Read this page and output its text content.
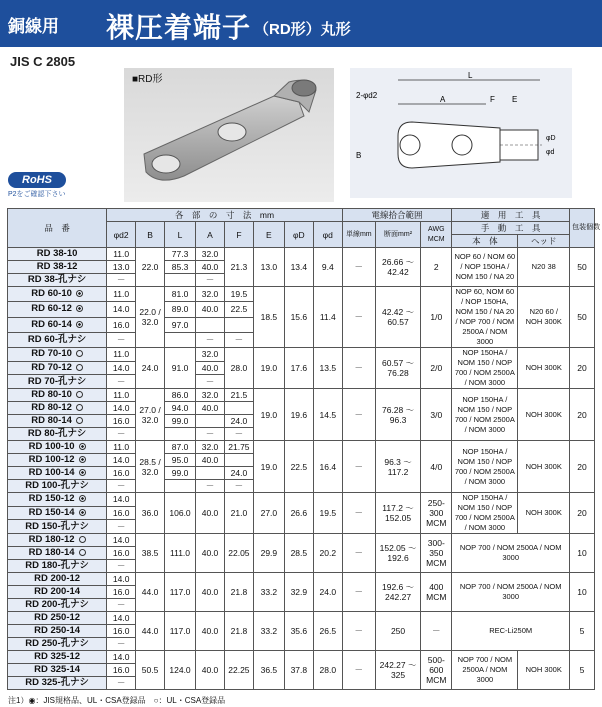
銅線用 裸圧着端子 （RD形）丸形
JIS C 2805
■RD形	L
A	F E
2-φd2
B
φD
φd
RoHS
P2をご確認下さい
品　番	各　部　の　寸　法　mm								電線拾合範囲			適　用　工　具		包装個数
	φd2	B	L	A	F	E	φD	φd	単線mm	断面mm²	AWG MCM	手　動　工　具		
												本　体	ヘッド	
RD 38-10	11.0	22.0	77.3	32.0	21.3	13.0	13.4	9.4	－	26.66 ～ 42.42	2	NOP 60 / NOM 60 / NOP 150HA / NOM 150 / NA 20	N20 38	50
RD 38-12	13.0		85.3	40.0										
RD 38-孔ナシ	－			－										
RD 60-10	11.0	22.0 / 32.0	81.0	32.0	19.5	18.5	15.6	11.4	－	42.42 ～ 60.57	1/0	NOP 60, NOM 60 / NOP 150HA, NOM 150 / NA 20 / NOP 700 / NOM 2500A / NOM 3000	N20 60 / NOH 300K	50
RD 60-12	14.0		89.0	40.0	22.5									
RD 60-14	16.0		97.0											
RD 60-孔ナシ	－			－	－									
RD 70-10	11.0	24.0	91.0	32.0	28.0	19.0	17.6	13.5	－	60.57 ～ 76.28	2/0	NOP 150HA / NOM 150 / NOP 700 / NOM 2500A / NOM 3000	NOH 300K	20
RD 70-12	14.0			40.0										
RD 70-孔ナシ	－			－										
RD 80-10	11.0	27.0 / 32.0	86.0	32.0	21.5	19.0	19.6	14.5	－	76.28 ～ 96.3	3/0	NOP 150HA / NOM 150 / NOP 700 / NOM 2500A / NOM 3000	NOH 300K	20
RD 80-12	14.0		94.0	40.0										
RD 80-14	16.0		99.0		24.0									
RD 80-孔ナシ	－			－	－									
RD 100-10	11.0	28.5 / 32.0	87.0	32.0	21.75	19.0	22.5	16.4	－	96.3 ～ 117.2	4/0	NOP 150HA / NOM 150 / NOP 700 / NOM 2500A / NOM 3000	NOH 300K	20
RD 100-12	14.0		95.0	40.0										
RD 100-14	16.0		99.0		24.0									
RD 100-孔ナシ	－			－	－									
RD 150-12	14.0	36.0	106.0	40.0	21.0	27.0	26.6	19.5	－	117.2 ～ 152.05	250- 300 MCM	NOP 150HA / NOM 150 / NOP 700 / NOM 2500A / NOM 3000	NOH 300K	20
RD 150-14	16.0													
RD 150-孔ナシ	－													
RD 180-12	14.0	38.5	111.0	40.0	22.05	29.9	28.5	20.2	－	152.05 ～ 192.6	300- 350 MCM	NOP 700 / NOM 2500A / NOM 3000		10
RD 180-14	16.0													
RD 180-孔ナシ	－													
RD 200-12	14.0	44.0	117.0	40.0	21.8	33.2	32.9	24.0	－	192.6 ～ 242.27	400 MCM	NOP 700 / NOM 2500A / NOM 3000		10
RD 200-14	16.0													
RD 200-孔ナシ	－													
RD 250-12	14.0	44.0	117.0	40.0	21.8	33.2	35.6	26.5	－	250	－	REC-Li250M		5
RD 250-14	16.0													
RD 250-孔ナシ	－													
RD 325-12	14.0	50.5	124.0	40.0	22.25	36.5	37.8	28.0	－	242.27 ～ 325	500- 600 MCM	NOP 700 / NOM 2500A / NOM 3000	NOH 300K	5
RD 325-14	16.0													
RD 325-孔ナシ	－													
注1）◉：JIS規格品、UL・CSA登録品　○：UL・CSA登録品
